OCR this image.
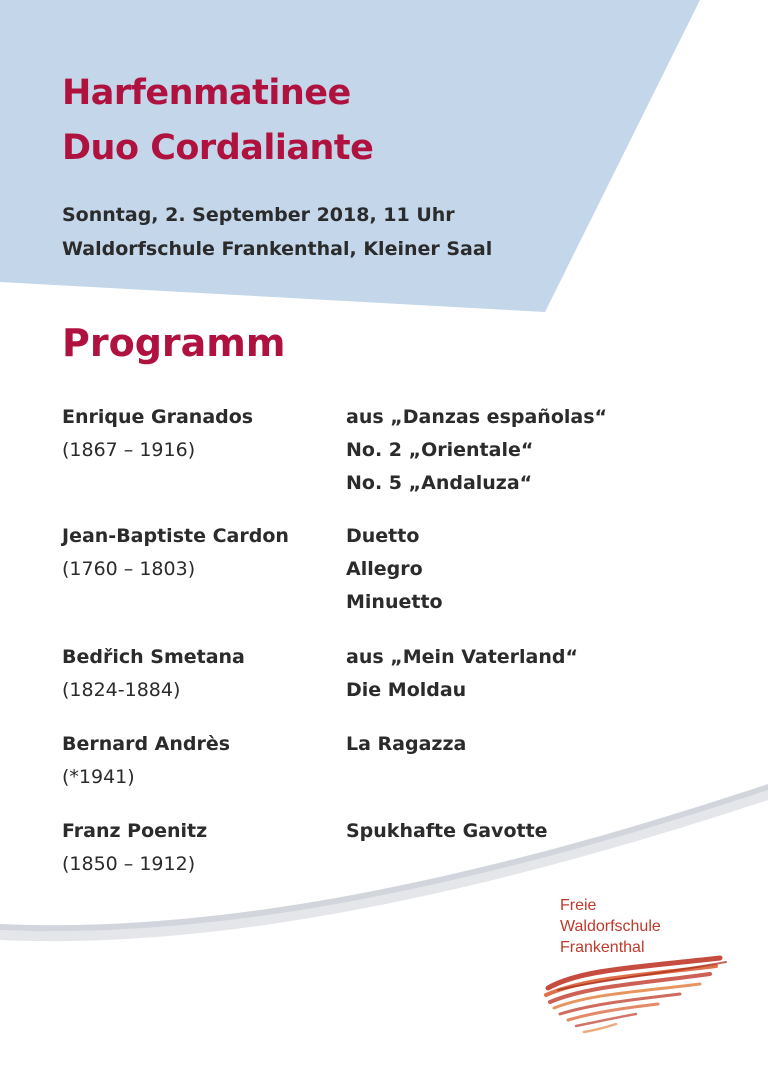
Harfenmatinee
Duo Cordaliante
Sonntag, 2. September 2018, 11 Uhr
Waldorfschule Frankenthal, Kleiner Saal
Programm
Enrique Granados
(1867 – 1916)
aus „Danzas españolas“
No. 2 „Orientale“
No. 5 „Andaluza“
Jean-Baptiste Cardon
(1760 – 1803)
Duetto
Allegro
Minuetto
Bedřich Smetana
(1824-1884)
aus „Mein Vaterland“
Die Moldau
Bernard Andrès
(*1941)
La Ragazza
Franz Poenitz
(1850 – 1912)
Spukhafte Gavotte
Freie
Waldorfschule
Frankenthal
